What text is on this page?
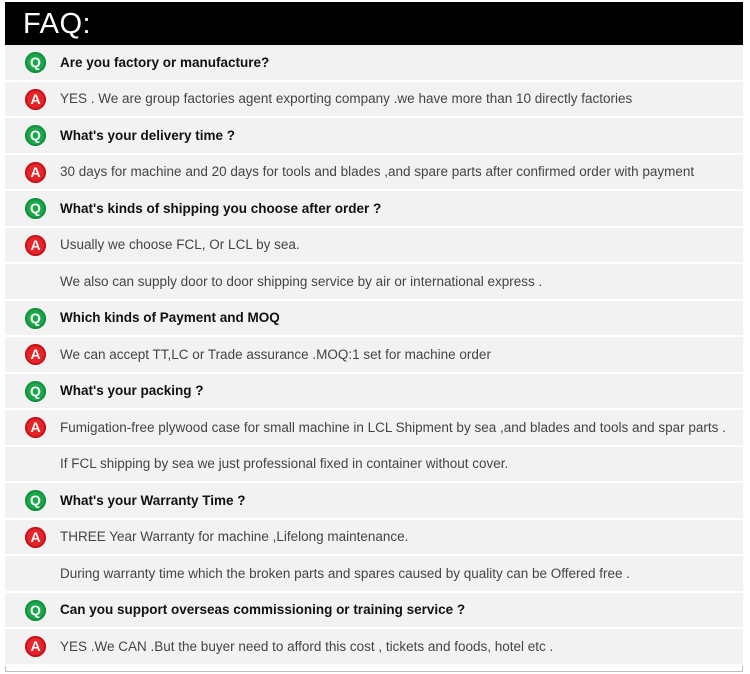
FAQ:
Q	Are you factory or manufacture?
A	YES . We are group factories agent exporting company .we have more than 10 directly factories
Q	What's your delivery time ?
A	30 days for machine and 20 days for tools and blades ,and spare parts after confirmed order with payment
Q	What's kinds of shipping you choose after order ?
A	Usually we choose FCL, Or LCL by sea.
We also can supply door to door shipping service by air or international express .
Q	Which kinds of Payment and MOQ
A	We can accept TT,LC or Trade assurance .MOQ:1 set for machine order
Q	What's your packing ?
A	Fumigation-free plywood case for small machine in LCL Shipment by sea ,and blades and tools and spar parts .
If FCL shipping by sea we just professional fixed in container without cover.
Q	What's your Warranty Time ?
A	THREE Year Warranty for machine ,Lifelong maintenance.
During warranty time which the broken parts and spares caused by quality can be Offered free .
Q	Can you support overseas commissioning or training service ?
A	YES .We CAN .But the buyer need to afford this cost , tickets and foods, hotel etc .
